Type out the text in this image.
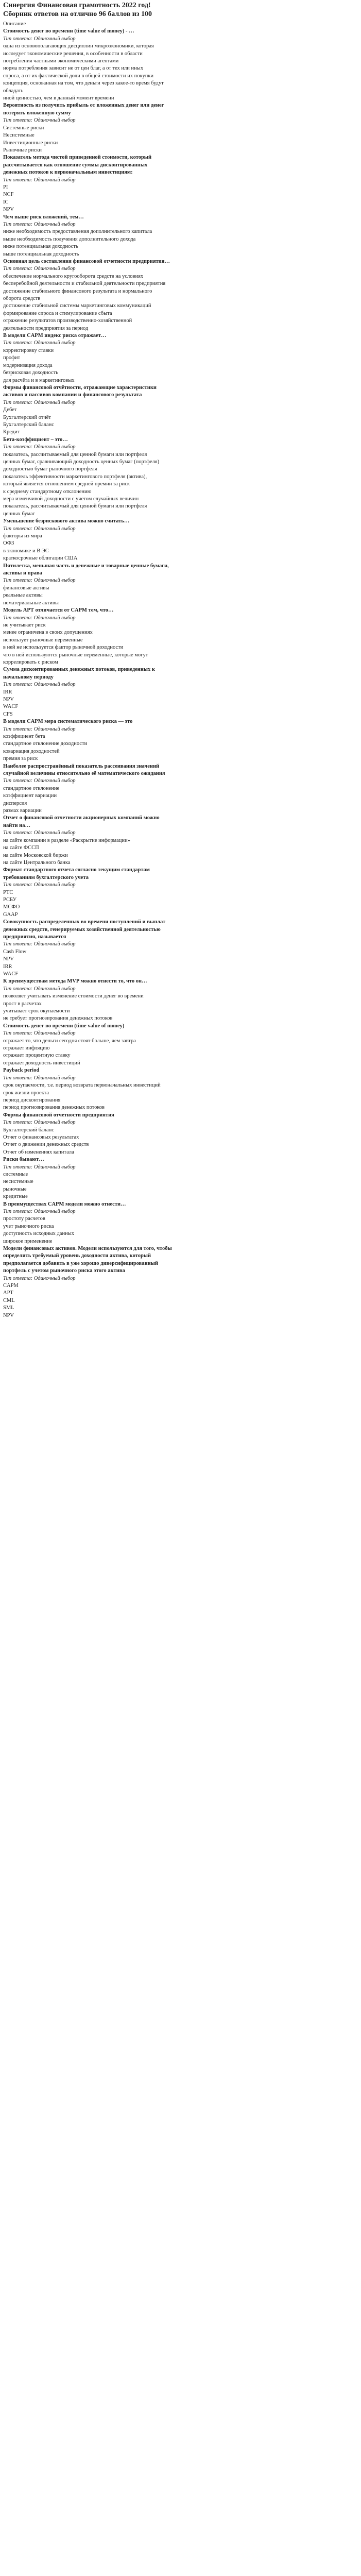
Синергия Финансовая грамотность 2022 год! Сборник ответов на отлично 96 баллов из 100
Описание
Стоимость денег во времени (time value of money) - …
Тип ответа: Одиночный выбор
одна из основополагающих дисциплин микроэкономики, которая
исследует экономические решения, в особенности в области
потребления частными экономическими агентами
норма потребления зависит не от цен благ, а от тех или иных
спроса, а от их фактической доли в общей стоимости их покупки
концепция, основанная на том, что деньги через какое-то время будут обладать
иной ценностью, чем в данный момент времени
Вероятность из получить прибыль от вложенных денег или денег потерять вложенную сумму
Тип ответа: Одиночный выбор
Системные риски
Несистемные
Инвестиционные риски
Рыночные риски
Показатель метода чистой приведенной стоимости, который рассчитывается как отношение суммы дисконтированных денежных потоков к первоначальным инвестициям:
Тип ответа: Одиночный выбор
PI
NCF
IC
NPV
Чем выше риск вложений, тем…
Тип ответа: Одиночный выбор
ниже необходимость предоставления дополнительного капитала
выше необходимость получения дополнительного дохода
ниже потенциальная доходность
выше потенциальная доходность
Основная цель составления финансовой отчетности предприятия…
Тип ответа: Одиночный выбор
обеспечение нормального кругооборота средств на условиях
бесперебойной деятельности и стабильной деятельности предприятия
достижение стабильного финансового результата и нормального
оборота средств
достижение стабильной системы маркетинговых коммуникаций
формирование спроса и стимулирование сбыта
отражение результатов производственно-хозяйственной
деятельности предприятия за период
В модели CAPM индекс риска отражает…
Тип ответа: Одиночный выбор
корректировку ставки
профит
модернизация дохода
безрисковая доходность
для расчёта и в маркетинговых
Формы финансовой отчётности, отражающие характеристики активов и пассивов компании и финансового результата
Тип ответа: Одиночный выбор
Дебет
Бухгалтерский отчёт
Бухгалтерский баланс
Кредит
Бета-коэффициент – это…
Тип ответа: Одиночный выбор
показатель, рассчитываемый для ценной бумаги или портфеля
ценных бумаг, сравнивающий доходность ценных бумаг (портфеля)
доходностью бумаг рыночного портфеля
показатель эффективности маркетингового портфеля (актива),
который является отношением средней премии за риск
к среднему стандартному отклонению
мера изменчивой доходности с учетом случайных величин
показатель, рассчитываемый для ценной бумаги или портфеля
ценных бумаг
Уменьшение безрискового актива можно считать…
Тип ответа: Одиночный выбор
факторы из мира
ОФЗ
в экономике и В ЭС
краткосрочные облигации США
Пятилетка, меньшая часть и денежные и товарные ценные бумаги, активы и права
Тип ответа: Одиночный выбор
финансовые активы
реальные активы
нематериальные активы
Модель АРТ отличается от CAPM тем, что…
Тип ответа: Одиночный выбор
не учитывает риск
менее ограничена в своих допущениях
использует рыночные переменные
в ней не используется фактор рыночной доходности
что в ней используются рыночные переменные, которые могут
коррелировать с риском
Сумма дисконтированных денежных потоков, приведенных к начальному периоду
Тип ответа: Одиночный выбор
IRR
NPV
WACF
CFS
В модели CAPM мера систематического риска — это
Тип ответа: Одиночный выбор
коэффициент бета
стандартное отклонение доходности
ковариация доходностей
премия за риск
Наиболее распространённый показатель рассеивания значений случайной величины относительно её математического ожидания
Тип ответа: Одиночный выбор
стандартное отклонение
коэффициент вариации
дисперсия
размах вариации
Отчет о финансовой отчетности акционерных компаний можно найти на…
Тип ответа: Одиночный выбор
на сайте компании в разделе «Раскрытие информации»
на сайте ФССП
на сайте Московской биржи
на сайте Центрального банка
Формат стандартного отчета согласно текущим стандартам требованиям бухгалтерского учета
Тип ответа: Одиночный выбор
РТС
РСБУ
МСФО
GAAP
Совокупность распределенных во времени поступлений и выплат денежных средств, генерируемых хозяйственной деятельностью предприятия, называется
Тип ответа: Одиночный выбор
Cash Flow
NPV
IRR
WACF
К преимуществам метода MVP можно отнести то, что он…
Тип ответа: Одиночный выбор
позволяет учитывать изменение стоимости денег во времени
прост в расчетах
учитывает срок окупаемости
не требует прогнозирования денежных потоков
Стоимость денег во времени (time value of money)
Тип ответа: Одиночный выбор
отражает то, что деньги сегодня стоят больше, чем завтра
отражает инфляцию
отражает процентную ставку
отражает доходность инвестиций
Payback period
Тип ответа: Одиночный выбор
срок окупаемости, т.е. период возврата первоначальных инвестиций
срок жизни проекта
период дисконтирования
период прогнозирования денежных потоков
Формы финансовой отчетности предприятия
Тип ответа: Одиночный выбор
Бухгалтерский баланс
Отчет о финансовых результатах
Отчет о движении денежных средств
Отчет об изменениях капитала
Риски бывают…
Тип ответа: Одиночный выбор
системные
несистемные
рыночные
кредитные
В преимуществах CAPM модели можно отнести…
Тип ответа: Одиночный выбор
простоту расчетов
учет рыночного риска
доступность исходных данных
широкое применение
Модели финансовых активов. Модели используются для того, чтобы определить требуемый уровень доходности актива, который предполагается добавить в уже хорошо диверсифицированный портфель с учетом рыночного риска этого актива
Тип ответа: Одиночный выбор
CAPM
APT
CML
SML
NPV
